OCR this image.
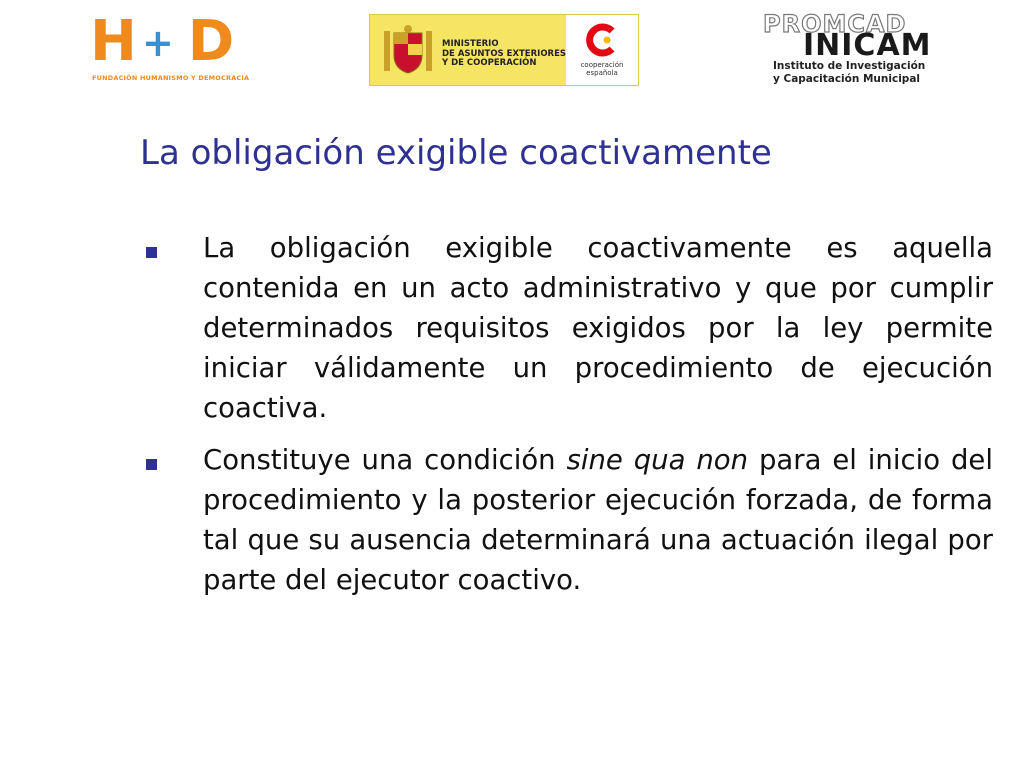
H D
+
FUNDACIÓN HUMANISMO Y DEMOCRACIA
MINISTERIO
DE ASUNTOS EXTERIORES
Y DE COOPERACIÓN	cooperación
española
PROMCAD
INICAM
Instituto de Investigación
y Capacitación Municipal
La obligación exigible coactivamente
La obligación exigible coactivamente es aquella contenida en un acto administrativo y que por cumplir determinados requisitos exigidos por la ley permite iniciar válidamente un procedimiento de ejecución coactiva.
Constituye una condición sine qua non para el inicio del procedimiento y la posterior ejecución forzada, de forma tal que su ausencia determinará una actuación ilegal por parte del ejecutor coactivo.
